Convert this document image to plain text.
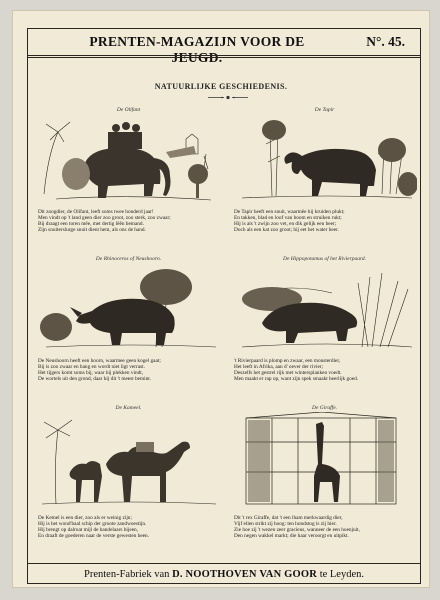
PRENTEN-MAGAZIJN VOOR DE JEUGD.
N°. 45.
NATUURLIJKE GESCHIEDENIS.
De Olifant
Dit zoogdier, de Olifant, leeft soms twee honderd jaar!
Men vindt op 't land geen dier zoo groot, zoo sterk, zoo zwaar;
Bij draagt een toren mêe, met dertig lêên bemand.
Zijn snuiterslurge snuit dient hem, als ons de hand.
De Tapir
De Tapir heeft een snuit, waarmêe hij kruiden plukt;
En takken, blad en loof van boom en struiken rukt;
Hij is als 't zwijn zoo vet, en dik gelijk een beer;
Doch als een kat zoo groot; hij eet het water heer.
De Rhinoceros of Neushoorn.
De Neushoorn heeft een hoorn, waarmee geen kogel gaat;
Bij is zoo zwaar en bang en wordt niet ligt verrast.
Het tijgers komt soms bij, waar hij plekken vindt,
De wortels uit den grond, daar hij dit 't meest bemint.
De Hippopotamus of het Rivierpaard.
't Rivierpaard is plomp en zwaar, een monsterdier,
Het leeft in Afrika, aan d' oever der rivier;
Deszelfs het gestrel rijk met wintersplanken voedt.
Men maakt er rap op, want zijn spek smaakt heerlijk goed.
De Kameel.
De Kemel is een dier, zoo als er weinig zijn;
Hij is het wond'baal schip der groote zandwoestijn.
Hij brengt op dalroat mijl de handelaars bijeen,
En draaft de goederen naar de verste gewesten heen.
De Giraffe.
Dit 't rex Giraffe, dat 't een lham merkwaardig dier,
Vijf ellen strikt zij hoog: ten hondstog is zij hier.
Zie hoe zij 't wezen zeer gracieus, wanneer de een hoenjuit,
Den negen wakkel markt; die haar veroorgt en uitpikt.
Prenten-Fabriek van D. NOOTHOVEN VAN GOOR te Leyden.
